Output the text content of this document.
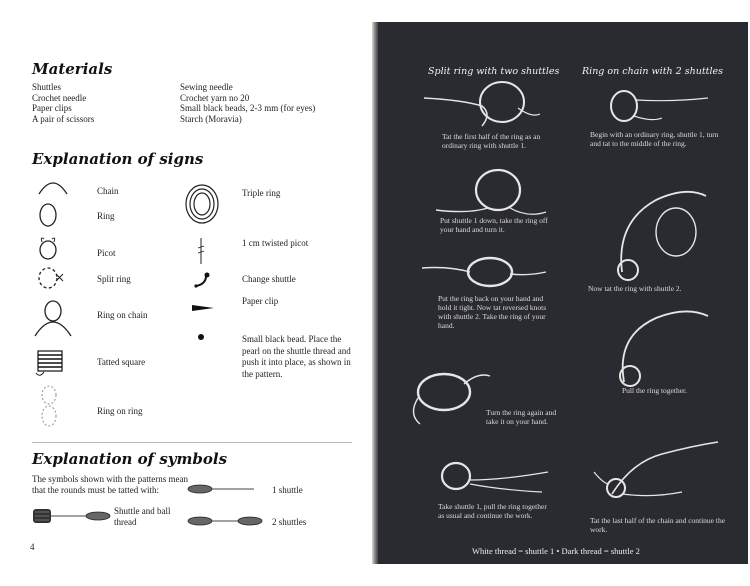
Materials
Shuttles
Crochet needle
Paper clips
A pair of scissors
Sewing needle
Crochet yarn no 20
Small black beads, 2-3 mm (for eyes)
Starch (Moravia)
Explanation of signs
Chain
Ring
Picot
Split ring
Ring on chain
Tatted square
Ring on ring
Triple ring
1 cm twisted picot
Change shuttle
Paper clip
Small black bead. Place the pearl on the shuttle thread and push it into place, as shown in the pattern.
Explanation of symbols
The symbols shown with the patterns mean that the rounds must be tatted with:
Shuttle and ball thread
1 shuttle
2 shuttles
4
Split ring with two shuttles Ring on chain with 2 shuttles
Tat the first half of the ring as an ordinary ring with shuttle 1.
Put shuttle 1 down, take the ring off your hand and turn it.
Put the ring back on your hand and hold it tight. Now tat reversed knots with shuttle 2. Take the ring of your hand.
Turn the ring again and take it on your hand.
Take shuttle 1, pull the ring together as usual and continue the work.
Begin with an ordinary ring, shuttle 1, turn and tat to the middle of the ring.
Now tat the ring with shuttle 2.
Pull the ring together.
Tat the last half of the chain and continue the work.
White thread = shuttle 1 • Dark thread = shuttle 2
